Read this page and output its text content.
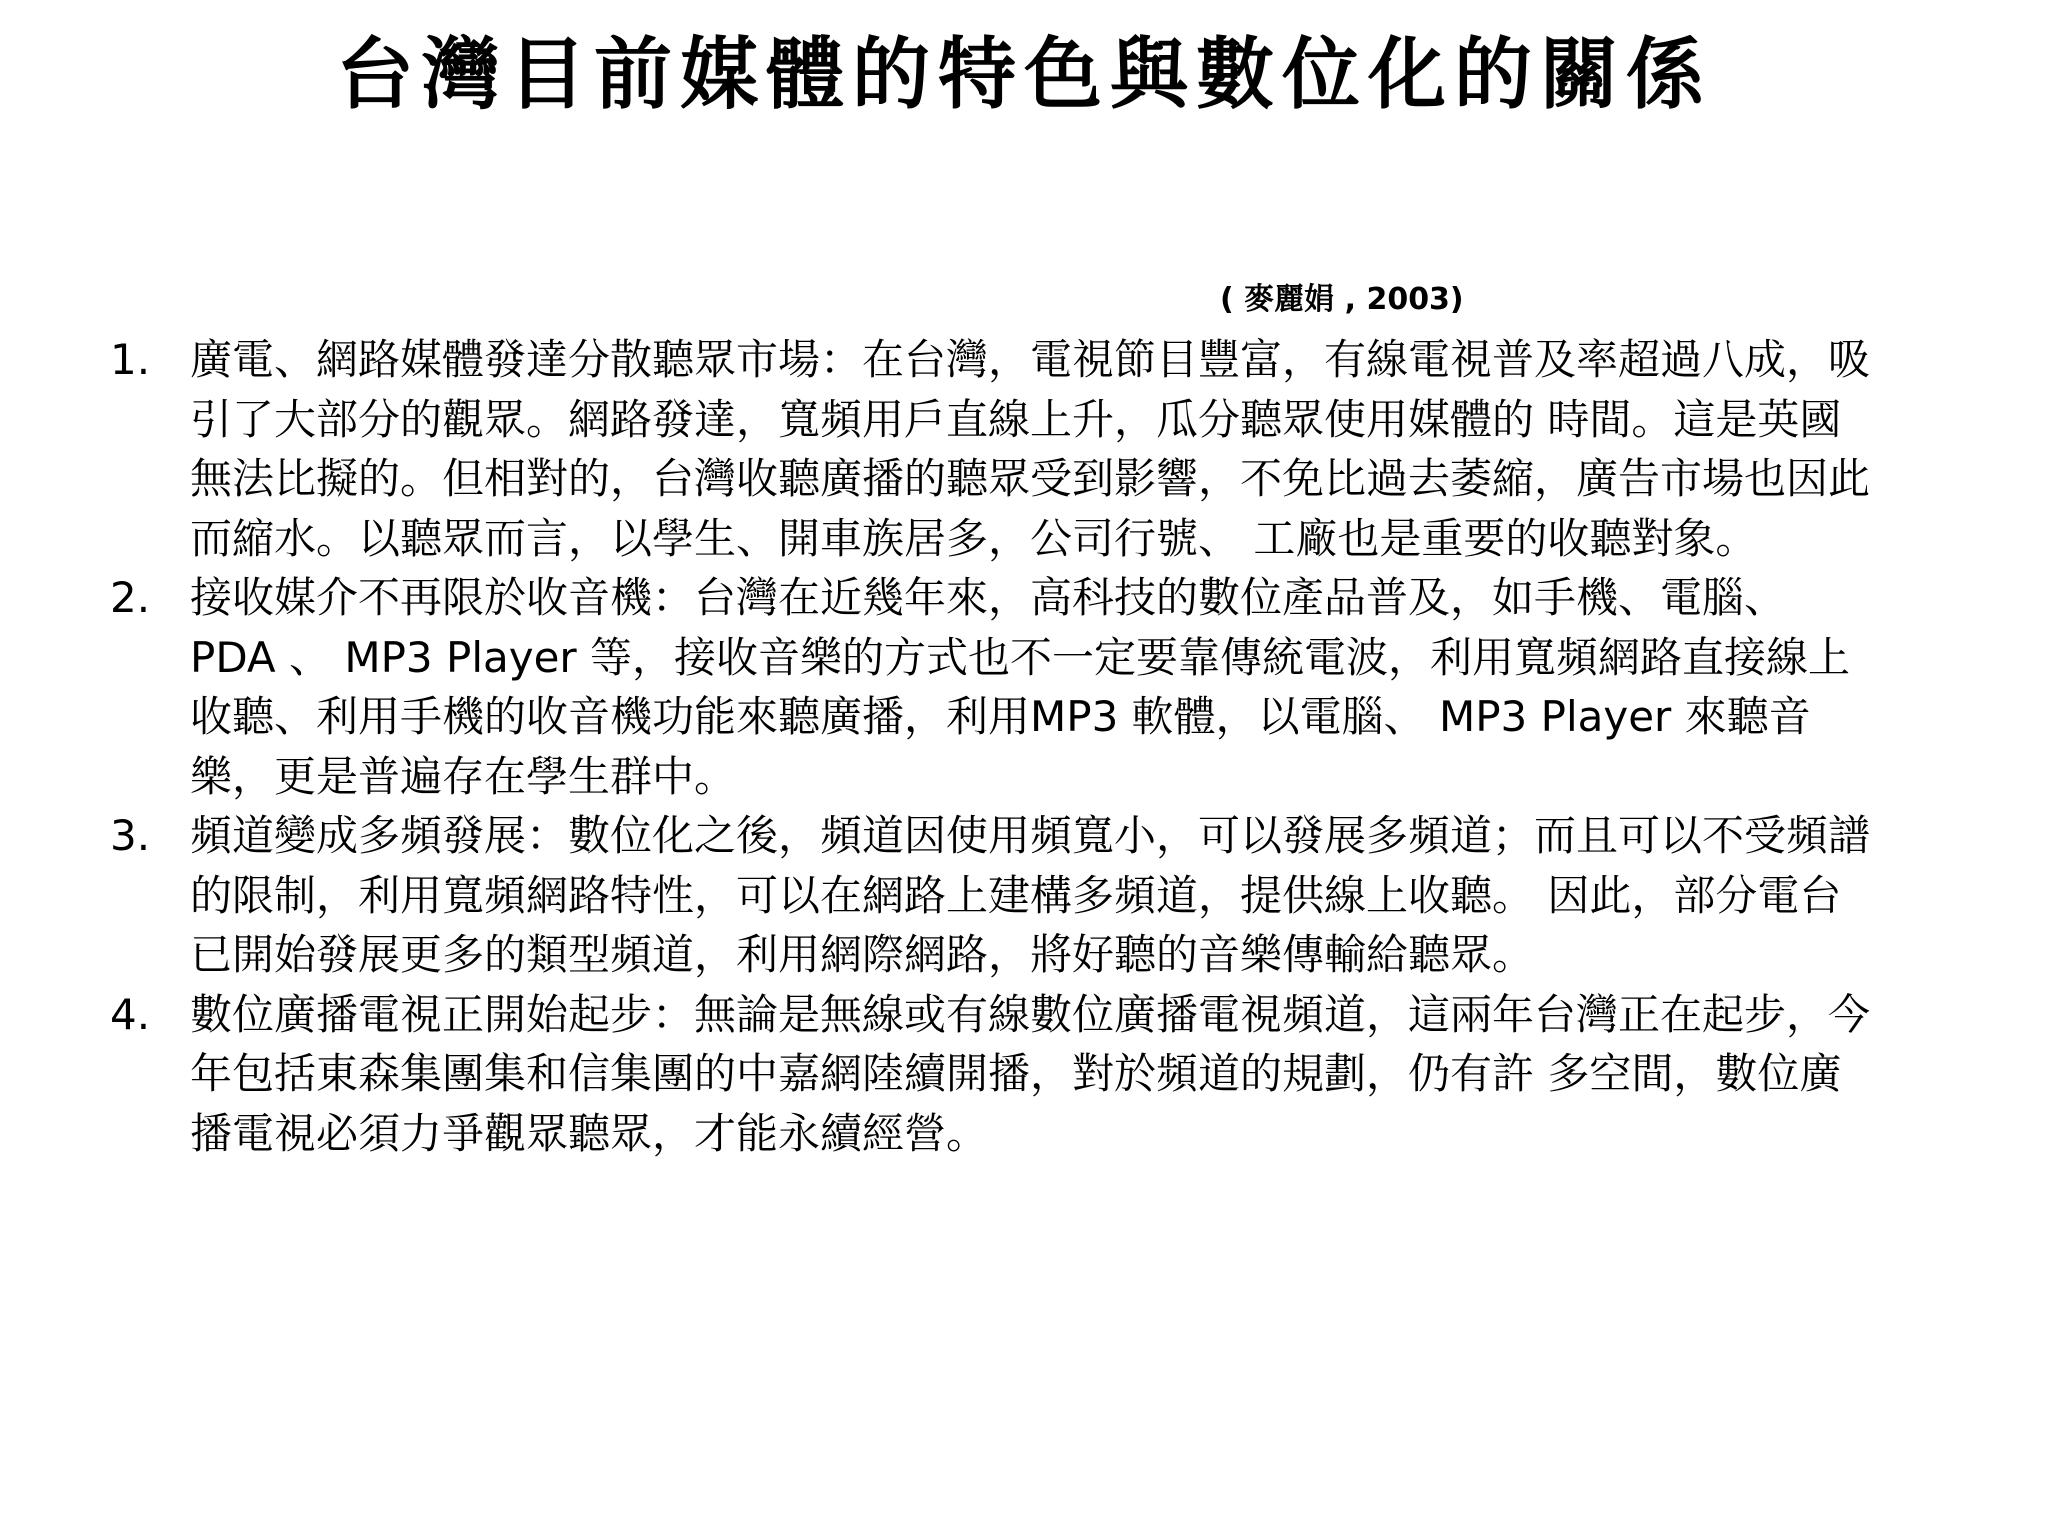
台灣目前媒體的特色與數位化的關係
( 麥麗娟 , 2003)
1. 廣電、網路媒體發達分散聽眾市場：在台灣，電視節目豐富，有線電視普及率超過八成，吸引了大部分的觀眾。網路發達，寬頻用戶直線上升，瓜分聽眾使用媒體的 時間。這是英國無法比擬的。但相對的，台灣收聽廣播的聽眾受到影響，不免比過去萎縮，廣告市場也因此而縮水。以聽眾而言，以學生、開車族居多，公司行號、 工廠也是重要的收聽對象。
2. 接收媒介不再限於收音機：台灣在近幾年來，高科技的數位產品普及，如手機、電腦、 PDA 、 MP3 Player 等，接收音樂的方式也不一定要靠傳統電波，利用寬頻網路直接線上收聽、利用手機的收音機功能來聽廣播，利用MP3 軟體，以電腦、 MP3 Player 來聽音樂，更是普遍存在學生群中。
3. 頻道變成多頻發展：數位化之後，頻道因使用頻寬小，可以發展多頻道；而且可以不受頻譜的限制，利用寬頻網路特性，可以在網路上建構多頻道，提供線上收聽。 因此，部分電台已開始發展更多的類型頻道，利用網際網路，將好聽的音樂傳輸給聽眾。
4. 數位廣播電視正開始起步：無論是無線或有線數位廣播電視頻道，這兩年台灣正在起步，今年包括東森集團集和信集團的中嘉網陸續開播，對於頻道的規劃，仍有許 多空間，數位廣播電視必須力爭觀眾聽眾，才能永續經營。
